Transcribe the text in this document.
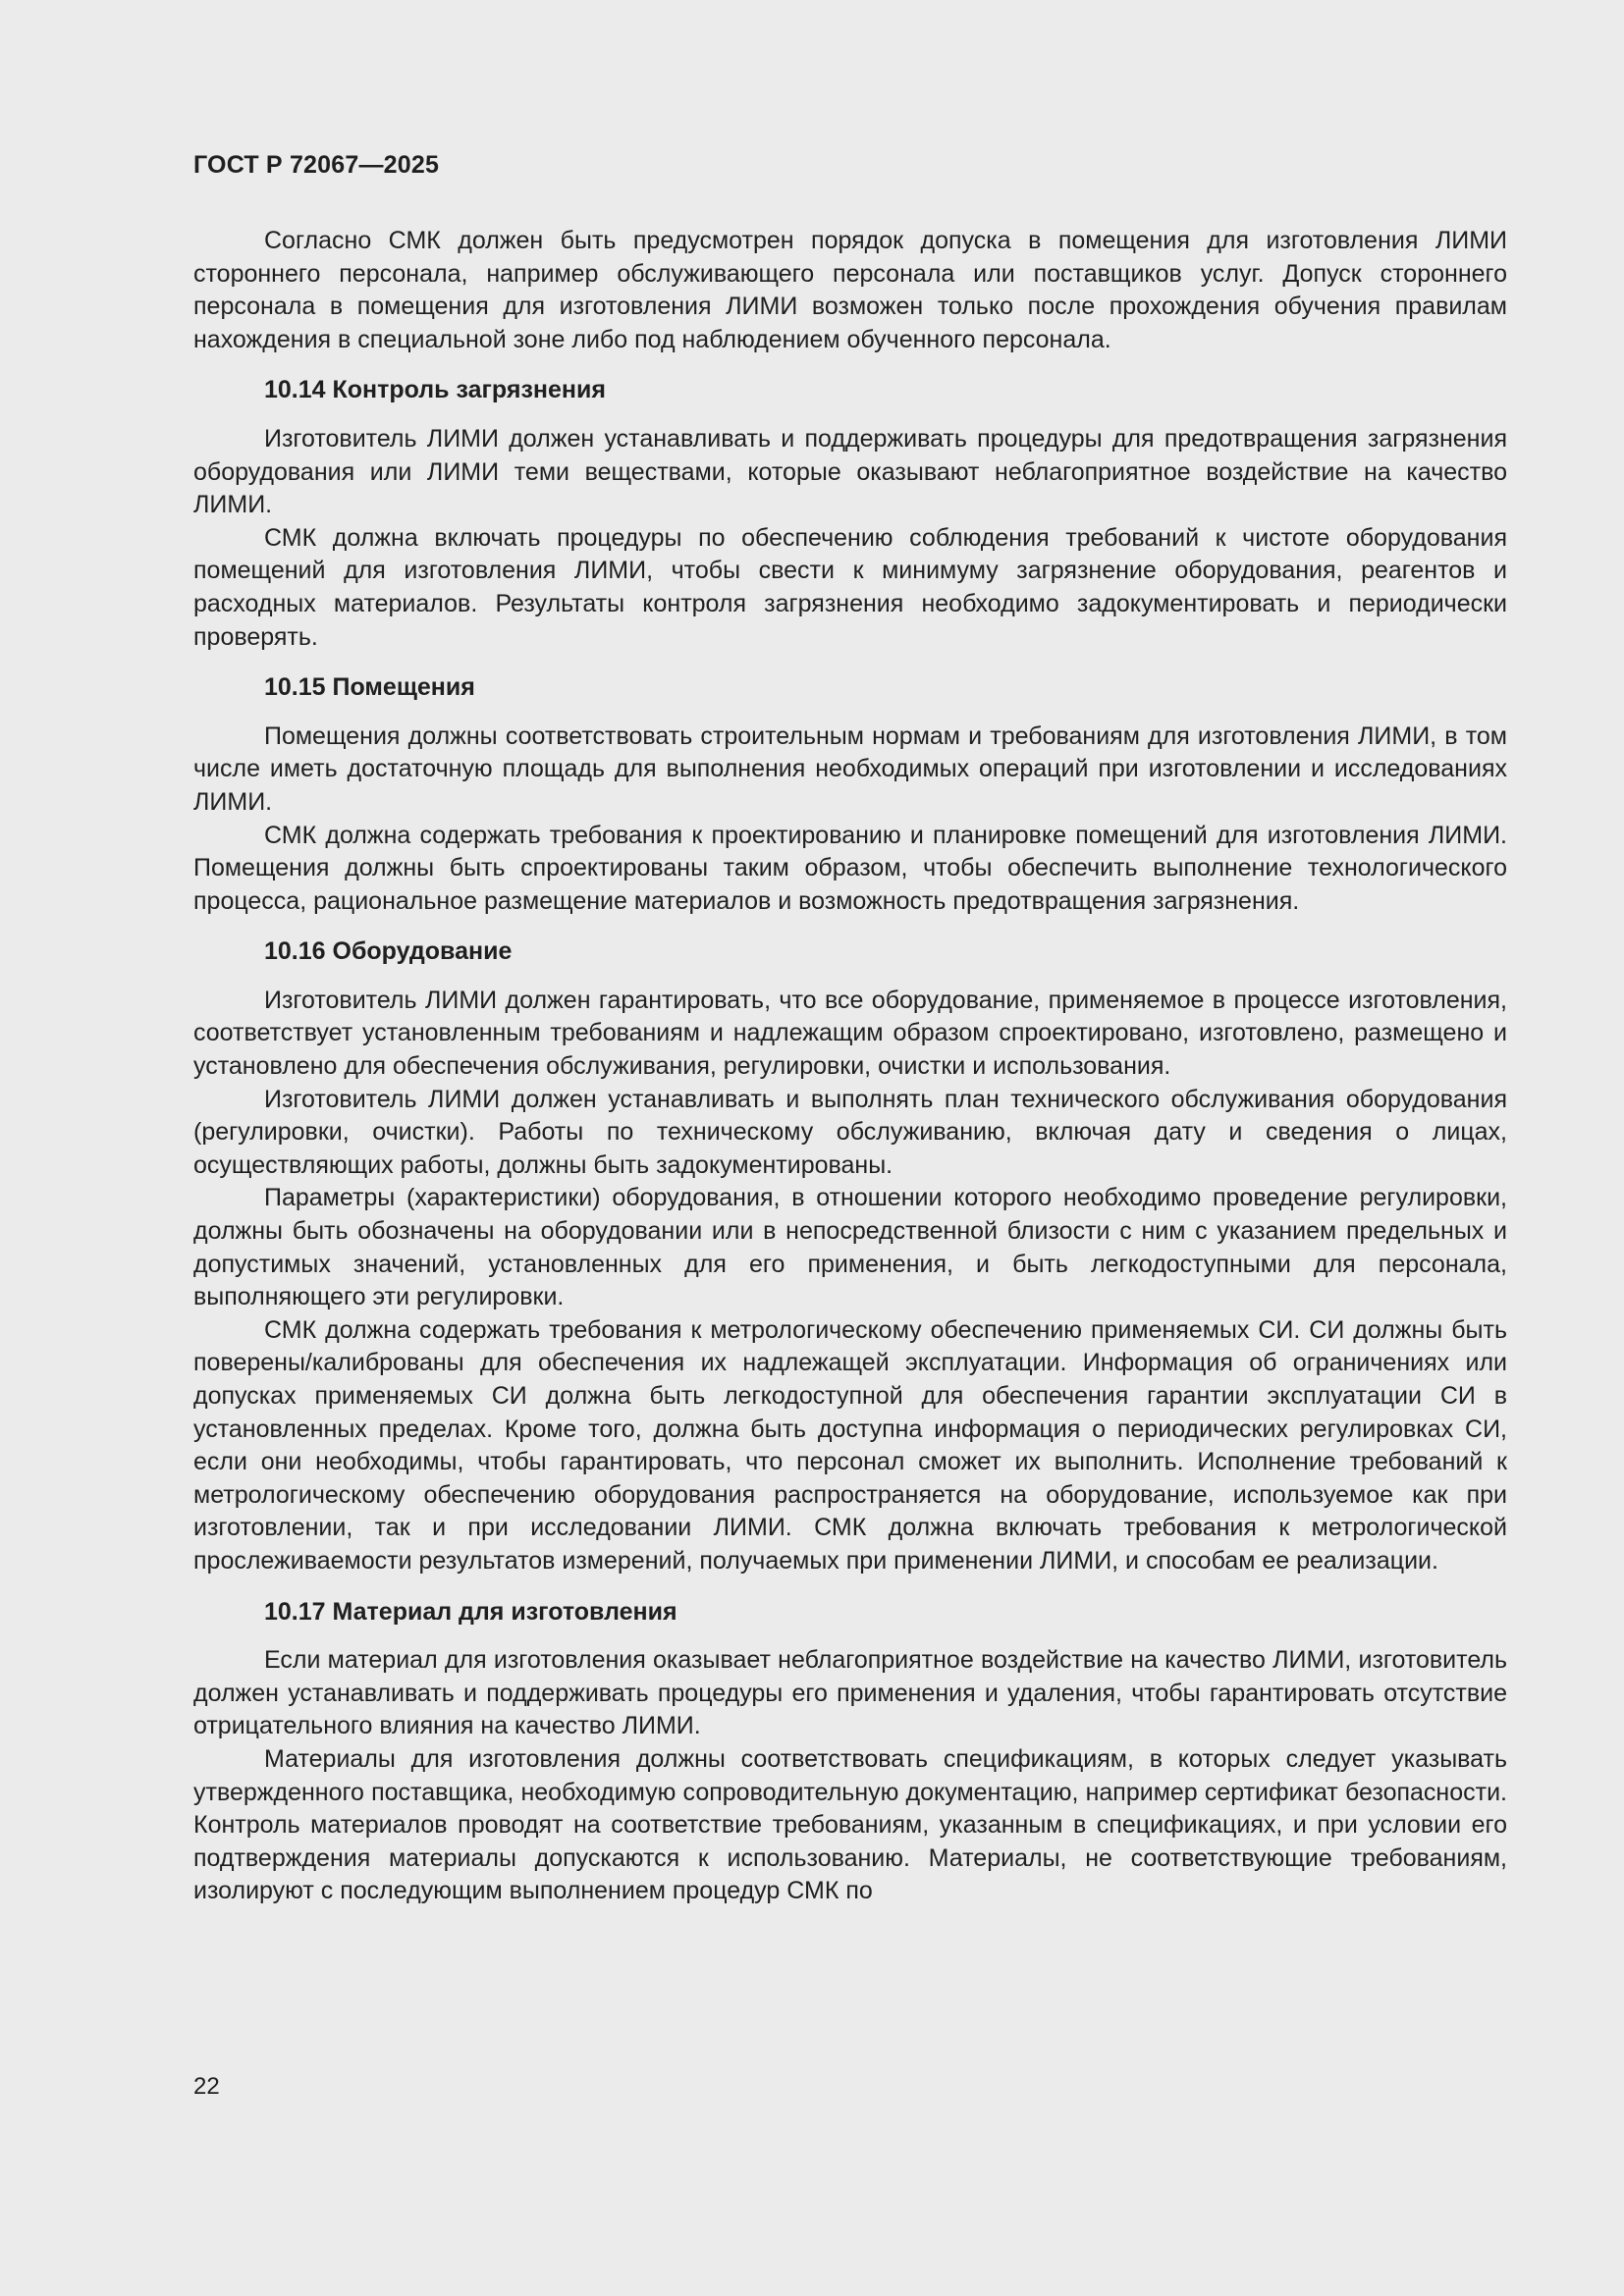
ГОСТ Р 72067—2025

Согласно СМК должен быть предусмотрен порядок допуска в помещения для изготовления ЛИМИ стороннего персонала, например обслуживающего персонала или поставщиков услуг. Допуск стороннего персонала в помещения для изготовления ЛИМИ возможен только после прохождения обучения правилам нахождения в специальной зоне либо под наблюдением обученного персонала.

10.14 Контроль загрязнения

Изготовитель ЛИМИ должен устанавливать и поддерживать процедуры для предотвращения загрязнения оборудования или ЛИМИ теми веществами, которые оказывают неблагоприятное воздействие на качество ЛИМИ.

СМК должна включать процедуры по обеспечению соблюдения требований к чистоте оборудования помещений для изготовления ЛИМИ, чтобы свести к минимуму загрязнение оборудования, реагентов и расходных материалов. Результаты контроля загрязнения необходимо задокументировать и периодически проверять.

10.15 Помещения

Помещения должны соответствовать строительным нормам и требованиям для изготовления ЛИМИ, в том числе иметь достаточную площадь для выполнения необходимых операций при изготовлении и исследованиях ЛИМИ.

СМК должна содержать требования к проектированию и планировке помещений для изготовления ЛИМИ. Помещения должны быть спроектированы таким образом, чтобы обеспечить выполнение технологического процесса, рациональное размещение материалов и возможность предотвращения загрязнения.

10.16 Оборудование

Изготовитель ЛИМИ должен гарантировать, что все оборудование, применяемое в процессе изготовления, соответствует установленным требованиям и надлежащим образом спроектировано, изготовлено, размещено и установлено для обеспечения обслуживания, регулировки, очистки и использования.

Изготовитель ЛИМИ должен устанавливать и выполнять план технического обслуживания оборудования (регулировки, очистки). Работы по техническому обслуживанию, включая дату и сведения о лицах, осуществляющих работы, должны быть задокументированы.

Параметры (характеристики) оборудования, в отношении которого необходимо проведение регулировки, должны быть обозначены на оборудовании или в непосредственной близости с ним с указанием предельных и допустимых значений, установленных для его применения, и быть легкодоступными для персонала, выполняющего эти регулировки.

СМК должна содержать требования к метрологическому обеспечению применяемых СИ. СИ должны быть поверены/калиброваны для обеспечения их надлежащей эксплуатации. Информация об ограничениях или допусках применяемых СИ должна быть легкодоступной для обеспечения гарантии эксплуатации СИ в установленных пределах. Кроме того, должна быть доступна информация о периодических регулировках СИ, если они необходимы, чтобы гарантировать, что персонал сможет их выполнить. Исполнение требований к метрологическому обеспечению оборудования распространяется на оборудование, используемое как при изготовлении, так и при исследовании ЛИМИ. СМК должна включать требования к метрологической прослеживаемости результатов измерений, получаемых при применении ЛИМИ, и способам ее реализации.

10.17 Материал для изготовления

Если материал для изготовления оказывает неблагоприятное воздействие на качество ЛИМИ, изготовитель должен устанавливать и поддерживать процедуры его применения и удаления, чтобы гарантировать отсутствие отрицательного влияния на качество ЛИМИ.

Материалы для изготовления должны соответствовать спецификациям, в которых следует указывать утвержденного поставщика, необходимую сопроводительную документацию, например сертификат безопасности. Контроль материалов проводят на соответствие требованиям, указанным в спецификациях, и при условии его подтверждения материалы допускаются к использованию. Материалы, не соответствующие требованиям, изолируют с последующим выполнением процедур СМК по

22
